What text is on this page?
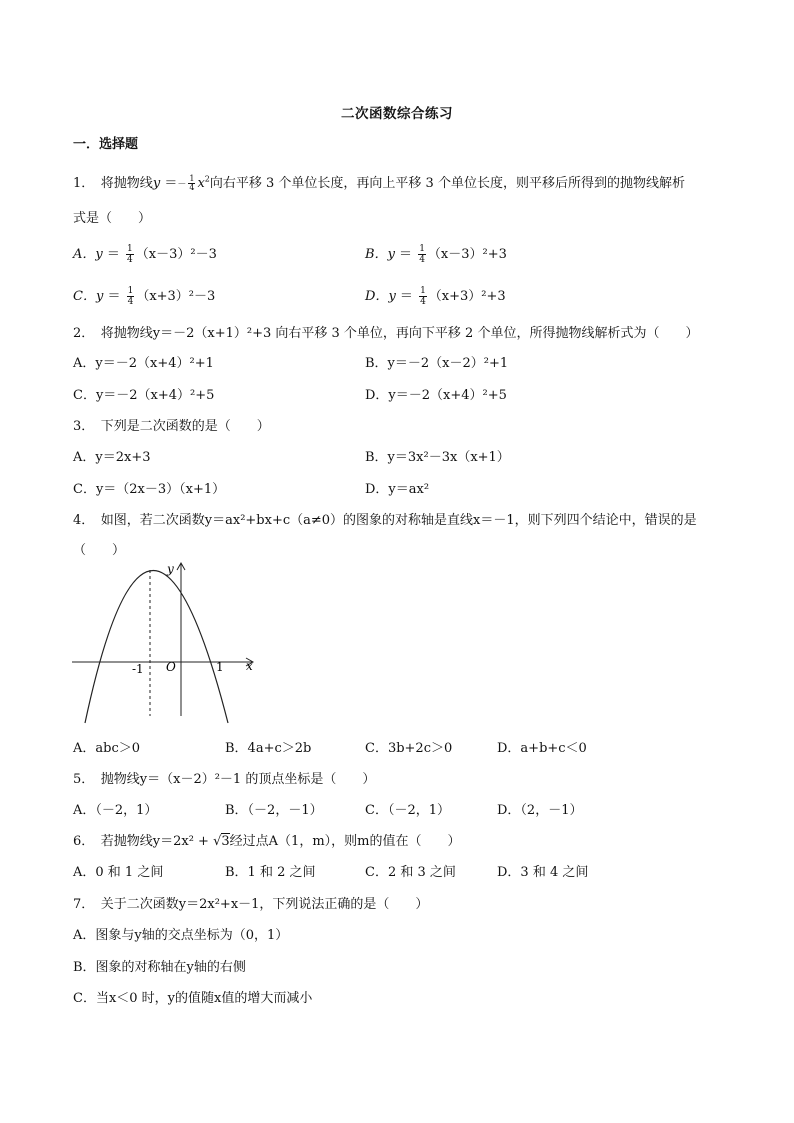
二次函数综合练习
一．选择题
1．　 将抛物线$y =- \frac{1}{4} x^2$向右平移 3 个单位长度，再向上平移 3 个单位长度，则平移后所得到的抛物线解析
式是（　　）
A．$y = \frac{1}{4} (x-3)^2-3$	B．$y = \frac{1}{4} (x-3)^2+3$
C．$y = \frac{1}{4} (x+3)^2-3$	D．$y = \frac{1}{4} (x+3)^2+3$
2．　将抛物线y＝－2（x+1）²+3 向右平移 3 个单位，再向下平移 2 个单位，所得抛物线解析式为（　　）
A．y＝－2（x+4）²+1	B．y＝－2（x－2）²+1
C．y＝－2（x+4）²+5	D．y＝－2（x+4）²+5
3．　下列是二次函数的是（　　）
A．y＝2x+3	B．y＝3x²－3x（x+1）
C．y＝（2x－3）（x+1）	D．y＝ax²
4．　如图，若二次函数y＝ax²+bx+c（a≠0）的图象的对称轴是直线x＝－1，则下列四个结论中，错误的是
（　　）
y
x
O
-1	1
A．abc＞0	B．4a+c＞2b	C．3b+2c＞0	D．a+b+c＜0
5．　抛物线y＝（x－2）²－1 的顶点坐标是（　　）
A．（－2，1）	B．（－2，－1）	C．（－2，1）	D．（2，－1）
6．　若抛物线y＝2x² + √3经过点A（1，m），则m的值在（　　）
A．0 和 1 之间	B．1 和 2 之间	C．2 和 3 之间	D．3 和 4 之间
7．　关于二次函数y＝2x²+x－1，下列说法正确的是（　　）
A．图象与y轴的交点坐标为（0，1）
B．图象的对称轴在y轴的右侧
C．当x＜0 时，y的值随x值的增大而减小
